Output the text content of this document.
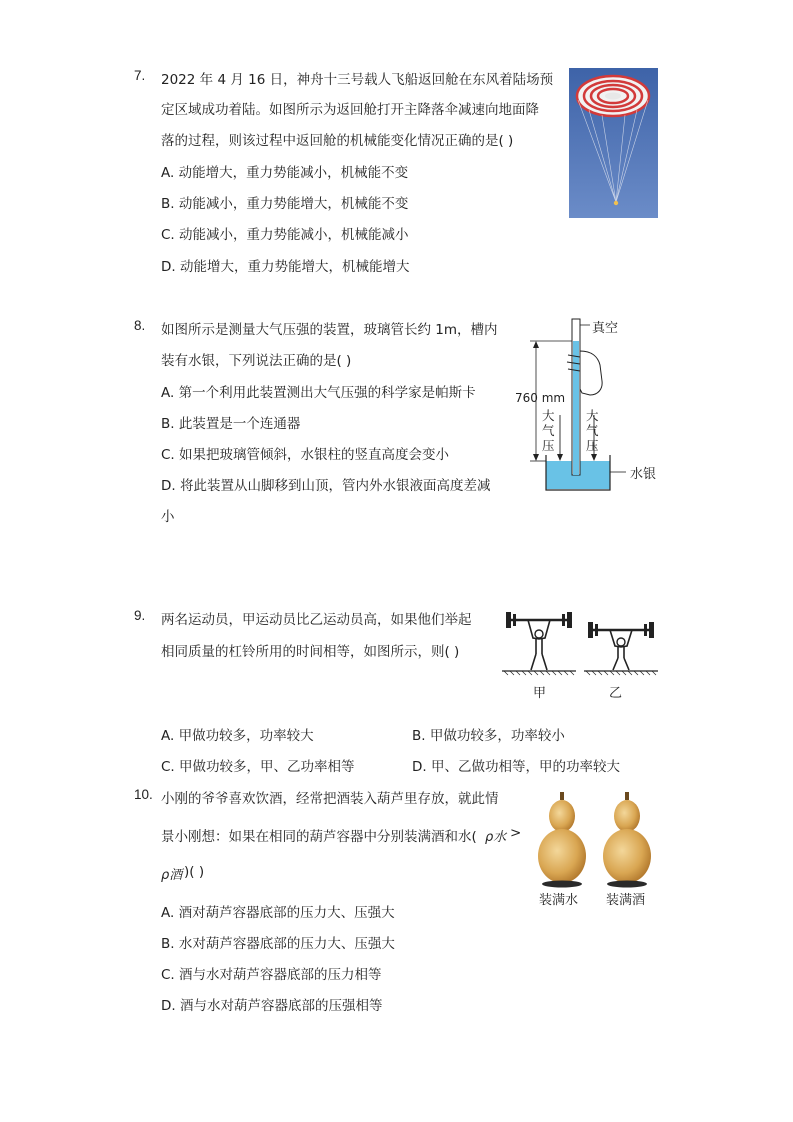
7. 2022 年 4 月 16 日，神舟十三号载人飞船返回舱在东风着陆场预
定区域成功着陆。如图所示为返回舱打开主降落伞减速向地面降
落的过程，则该过程中返回舱的机械能变化情况正确的是( )
A. 动能增大，重力势能减小，机械能不变
B. 动能减小，重力势能增大，机械能不变
C. 动能减小，重力势能减小，机械能减小
D. 动能增大，重力势能增大，机械能增大
8. 如图所示是测量大气压强的装置，玻璃管长约 1m，槽内
装有水银，下列说法正确的是( )
A. 第一个利用此装置测出大气压强的科学家是帕斯卡
B. 此装置是一个连通器
C. 如果把玻璃管倾斜，水银柱的竖直高度会变小
D. 将此装置从山脚移到山顶，管内外水银液面高度差减
小
真空
760 mm
大气压
大气压
水银
9. 两名运动员，甲运动员比乙运动员高，如果他们举起
相同质量的杠铃所用的时间相等，如图所示，则( )
甲	乙
A. 甲做功较多，功率较大	B. 甲做功较多，功率较小
C. 甲做功较多，甲、乙功率相等	D. 甲、乙做功相等，甲的功率较大
10. 小刚的爷爷喜欢饮酒，经常把酒装入葫芦里存放，就此情
景小刚想：如果在相同的葫芦容器中分别装满酒和水( ρ水 >
ρ酒 )( )
A. 酒对葫芦容器底部的压力大、压强大
B. 水对葫芦容器底部的压力大、压强大
C. 酒与水对葫芦容器底部的压力相等
D. 酒与水对葫芦容器底部的压强相等
装满水 装满酒
